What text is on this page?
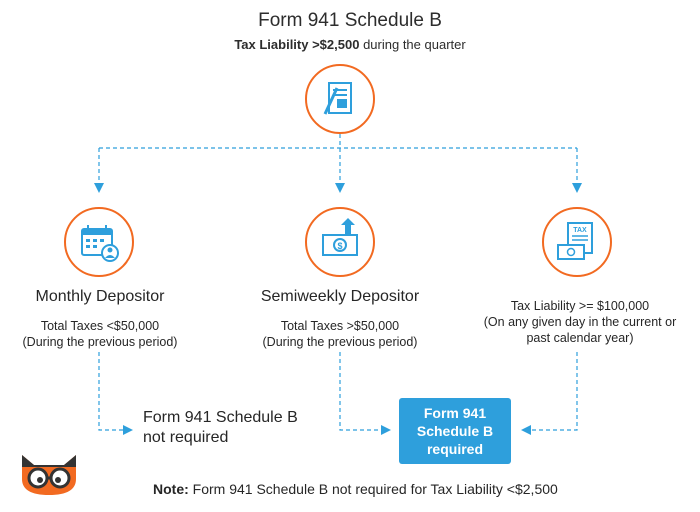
Form 941 Schedule B
Tax Liability >$2,500 during the quarter
$
TAX
Monthly Depositor
Total Taxes <$50,000
(During the previous period)
Semiweekly Depositor
Total Taxes >$50,000
(During the previous period)
Tax Liability >= $100,000
(On any given day in the current or
past calendar year)
Form 941 Schedule B
not required
Form 941
Schedule B
required
Note: Form 941 Schedule B not required for Tax Liability <$2,500
